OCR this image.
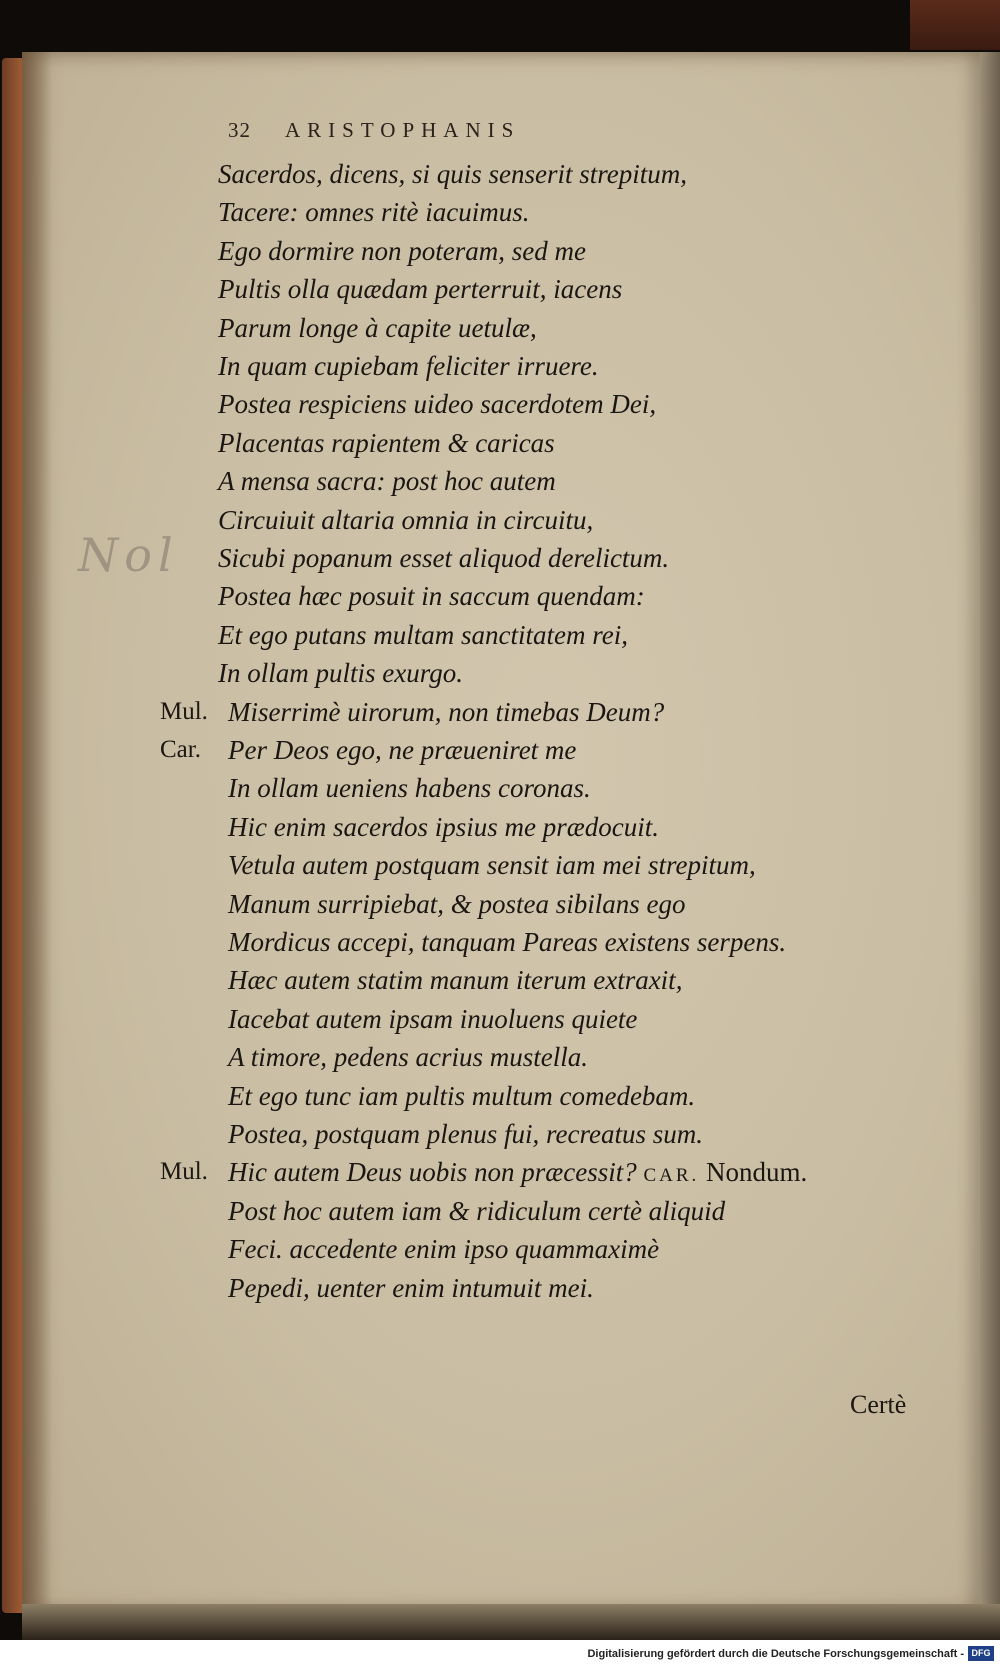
32 ARISTOPHANIS
Nol
Sacerdos, dicens, si quis senserit strepitum,
Tacere: omnes ritè iacuimus.
Ego dormire non poteram, sed me
Pultis olla quædam perterruit, iacens
Parum longe à capite uetulæ,
In quam cupiebam feliciter irruere.
Postea respiciens uideo sacerdotem Dei,
Placentas rapientem & caricas
A mensa sacra: post hoc autem
Circuiuit altaria omnia in circuitu,
Sicubi popanum esset aliquod derelictum.
Postea hæc posuit in saccum quendam:
Et ego putans multam sanctitatem rei,
In ollam pultis exurgo.
Mul. Miserrimè uirorum, non timebas Deum?
Car. Per Deos ego, ne præueniret me
In ollam ueniens habens coronas.
Hic enim sacerdos ipsius me prædocuit.
Vetula autem postquam sensit iam mei strepitum,
Manum surripiebat, & postea sibilans ego
Mordicus accepi, tanquam Pareas existens serpens.
Hæc autem statim manum iterum extraxit,
Iacebat autem ipsam inuoluens quiete
A timore, pedens acrius mustella.
Et ego tunc iam pultis multum comedebam.
Postea, postquam plenus fui, recreatus sum.
Mul. Hic autem Deus uobis non præcessit? CAR. Nondum.
Post hoc autem iam & ridiculum certè aliquid
Feci. accedente enim ipso quammaximè
Pepedi, uenter enim intumuit mei.
Certè
Digitalisierung gefördert durch die Deutsche Forschungsgemeinschaft - DFG
